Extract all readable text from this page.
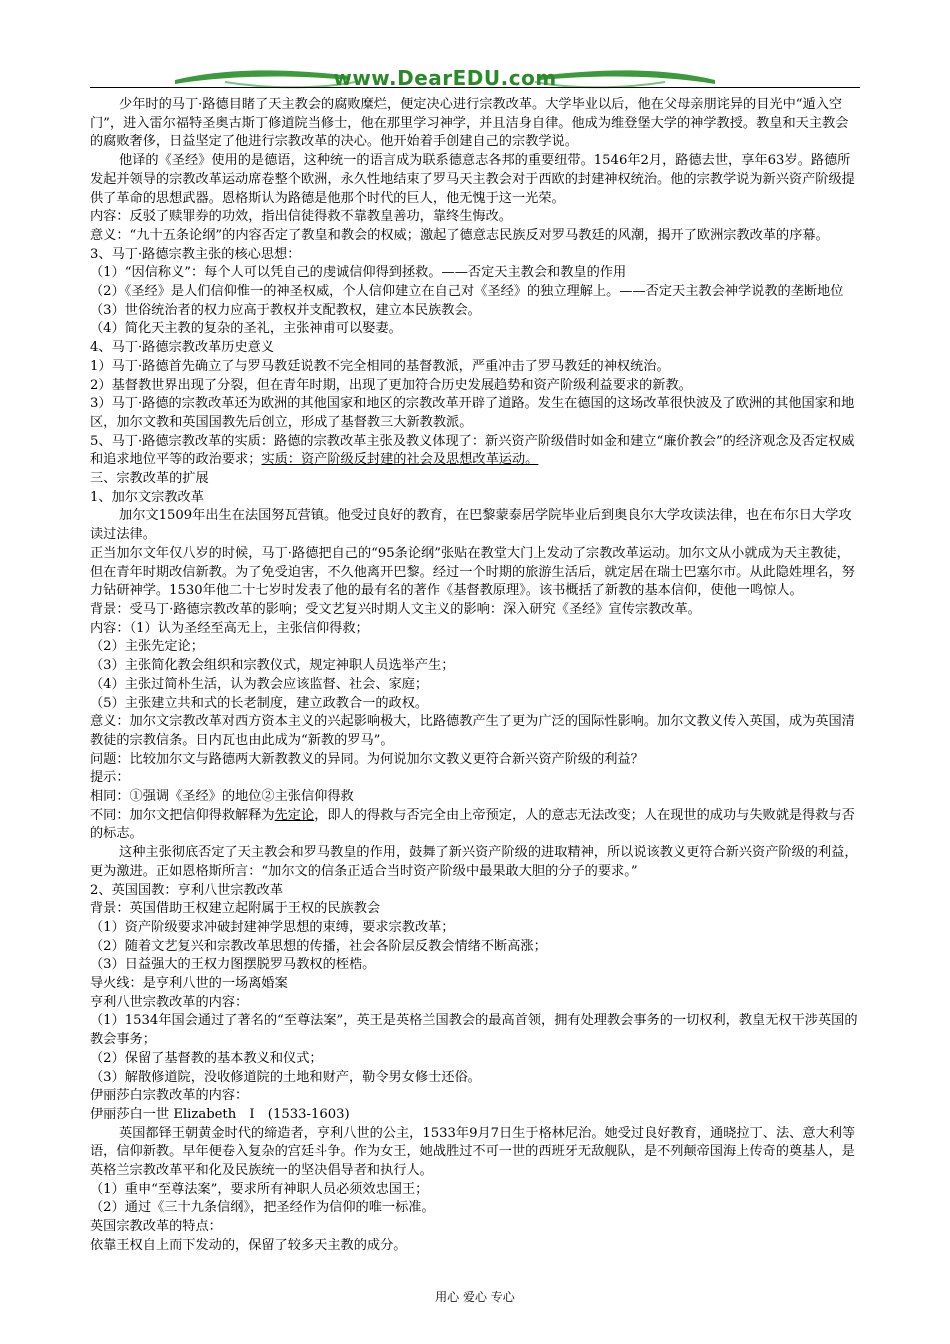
www.DearEDU.com

少年时的马丁·路德目睹了天主教会的腐败糜烂，便定决心进行宗教改革。大学毕业以后，他在父母亲朋诧异的目光中“遁入空门”，进入雷尔福特圣奥古斯丁修道院当修士，他在那里学习神学，并且洁身自律。他成为维登堡大学的神学教授。教皇和天主教会的腐败奢侈，日益坚定了他进行宗教改革的决心。他开始着手创建自己的宗教学说。

他译的《圣经》使用的是德语，这种统一的语言成为联系德意志各邦的重要纽带。1546年2月，路德去世，享年63岁。路德所发起并领导的宗教改革运动席卷整个欧洲，永久性地结束了罗马天主教会对于西欧的封建神权统治。他的宗教学说为新兴资产阶级提供了革命的思想武器。恩格斯认为路德是他那个时代的巨人，他无愧于这一光荣。

内容：反驳了赎罪券的功效，指出信徒得救不靠教皇善功，靠终生悔改。

意义：“九十五条论纲”的内容否定了教皇和教会的权威；激起了德意志民族反对罗马教廷的风潮，揭开了欧洲宗教改革的序幕。

3、马丁·路德宗教主张的核心思想：

（1）“因信称义”：每个人可以凭自己的虔诚信仰得到拯救。——否定天主教会和教皇的作用

（2）《圣经》是人们信仰惟一的神圣权威，个人信仰建立在自己对《圣经》的独立理解上。——否定天主教会神学说教的垄断地位

（3）世俗统治者的权力应高于教权并支配教权，建立本民族教会。

（4）简化天主教的复杂的圣礼，主张神甫可以娶妻。

4、马丁·路德宗教改革历史意义

1）马丁·路德首先确立了与罗马教廷说教不完全相同的基督教派，严重冲击了罗马教廷的神权统治。

2）基督教世界出现了分裂，但在青年时期，出现了更加符合历史发展趋势和资产阶级利益要求的新教。

3）马丁·路德的宗教改革还为欧洲的其他国家和地区的宗教改革开辟了道路。发生在德国的这场改革很快波及了欧洲的其他国家和地区，加尔文教和英国国教先后创立，形成了基督教三大新教教派。

5、马丁·路德宗教改革的实质：路德的宗教改革主张及教义体现了：新兴资产阶级借时如金和建立“廉价教会”的经济观念及否定权威和追求地位平等的政治要求；实质：资产阶级反封建的社会及思想改革运动。

三、宗教改革的扩展

1、加尔文宗教改革

加尔文1509年出生在法国努瓦营镇。他受过良好的教育，在巴黎蒙泰居学院毕业后到奥良尔大学攻读法律，也在布尔日大学攻读过法律。

正当加尔文年仅八岁的时候，马丁·路德把自己的“95条论纲”张贴在教堂大门上发动了宗教改革运动。加尔文从小就成为天主教徒，但在青年时期改信新教。为了免受迫害，不久他离开巴黎。经过一个时期的旅游生活后，就定居在瑞士巴塞尔市。从此隐姓埋名，努力钻研神学。1530年他二十七岁时发表了他的最有名的著作《基督教原理》。该书概括了新教的基本信仰，使他一鸣惊人。

背景：受马丁·路德宗教改革的影响；受文艺复兴时期人文主义的影响：深入研究《圣经》宣传宗教改革。

内容：（1）认为圣经至高无上，主张信仰得救；

（2）主张先定论；

（3）主张简化教会组织和宗教仪式，规定神职人员选举产生；

（4）主张过简朴生活，认为教会应该监督、社会、家庭；

（5）主张建立共和式的长老制度，建立政教合一的政权。

意义：加尔文宗教改革对西方资本主义的兴起影响极大，比路德教产生了更为广泛的国际性影响。加尔文教义传入英国，成为英国清教徒的宗教信条。日内瓦也由此成为“新教的罗马”。

问题：比较加尔文与路德两大新教教义的异同。为何说加尔文教义更符合新兴资产阶级的利益？

提示：

相同：①强调《圣经》的地位②主张信仰得救

不同：加尔文把信仰得救解释为先定论，即人的得救与否完全由上帝预定，人的意志无法改变；人在现世的成功与失败就是得救与否的标志。

这种主张彻底否定了天主教会和罗马教皇的作用，鼓舞了新兴资产阶级的进取精神，所以说该教义更符合新兴资产阶级的利益，更为激进。正如恩格斯所言：“加尔文的信条正适合当时资产阶级中最果敢大胆的分子的要求。”

2、英国国教：亨利八世宗教改革

背景：英国借助王权建立起附属于王权的民族教会

（1）资产阶级要求冲破封建神学思想的束缚，要求宗教改革；

（2）随着文艺复兴和宗教改革思想的传播，社会各阶层反教会情绪不断高涨；

（3）日益强大的王权力图摆脱罗马教权的桎梏。

导火线：是亨利八世的一场离婚案

亨利八世宗教改革的内容：

（1）1534年国会通过了著名的“至尊法案”，英王是英格兰国教会的最高首领，拥有处理教会事务的一切权利，教皇无权干涉英国的教会事务；

（2）保留了基督教的基本教义和仪式；

（3）解散修道院，没收修道院的土地和财产，勒令男女修士还俗。

伊丽莎白宗教改革的内容：

伊丽莎白一世 Elizabeth　Ⅰ　(1533-1603)

英国都铎王朝黄金时代的缔造者，亨利八世的公主，1533年9月7日生于格林尼治。她受过良好教育，通晓拉丁、法、意大利等语，信仰新教。早年便卷入复杂的宫廷斗争。作为女王，她战胜过不可一世的西班牙无敌舰队，是不列颠帝国海上传奇的奠基人，是英格兰宗教改革平和化及民族统一的坚决倡导者和执行人。

（1）重申“至尊法案”，要求所有神职人员必须效忠国王；

（2）通过《三十九条信纲》，把圣经作为信仰的唯一标准。

英国宗教改革的特点：

依靠王权自上而下发动的，保留了较多天主教的成分。

用心 爱心 专心
